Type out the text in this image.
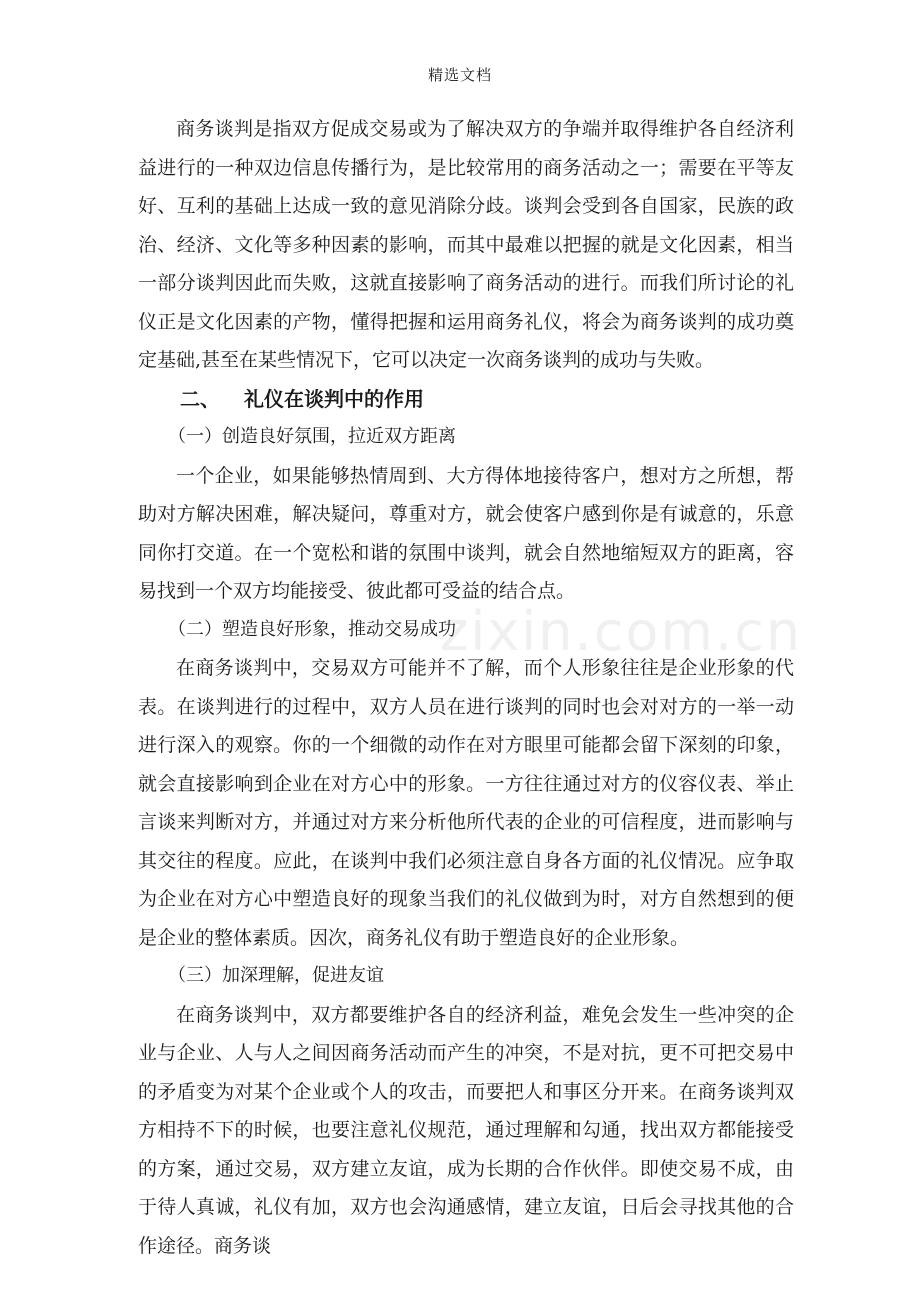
精选文档

商务谈判是指双方促成交易或为了解决双方的争端并取得维护各自经济利益进行的一种双边信息传播行为，是比较常用的商务活动之一；需要在平等友好、互利的基础上达成一致的意见消除分歧。谈判会受到各自国家，民族的政治、经济、文化等多种因素的影响，而其中最难以把握的就是文化因素，相当一部分谈判因此而失败，这就直接影响了商务活动的进行。而我们所讨论的礼仪正是文化因素的产物，懂得把握和运用商务礼仪，将会为商务谈判的成功奠定基础,甚至在某些情况下，它可以决定一次商务谈判的成功与失败。

二、 礼仪在谈判中的作用

（一）创造良好氛围，拉近双方距离

一个企业，如果能够热情周到、大方得体地接待客户，想对方之所想，帮助对方解决困难，解决疑问，尊重对方，就会使客户感到你是有诚意的，乐意同你打交道。在一个宽松和谐的氛围中谈判，就会自然地缩短双方的距离，容易找到一个双方均能接受、彼此都可受益的结合点。

（二）塑造良好形象，推动交易成功

在商务谈判中，交易双方可能并不了解，而个人形象往往是企业形象的代表。在谈判进行的过程中，双方人员在进行谈判的同时也会对对方的一举一动进行深入的观察。你的一个细微的动作在对方眼里可能都会留下深刻的印象，就会直接影响到企业在对方心中的形象。一方往往通过对方的仪容仪表、举止言谈来判断对方，并通过对方来分析他所代表的企业的可信程度，进而影响与其交往的程度。应此，在谈判中我们必须注意自身各方面的礼仪情况。应争取为企业在对方心中塑造良好的现象当我们的礼仪做到为时，对方自然想到的便是企业的整体素质。因次，商务礼仪有助于塑造良好的企业形象。

（三）加深理解，促进友谊

在商务谈判中，双方都要维护各自的经济利益，难免会发生一些冲突的企业与企业、人与人之间因商务活动而产生的冲突，不是对抗，更不可把交易中的矛盾变为对某个企业或个人的攻击，而要把人和事区分开来。在商务谈判双方相持不下的时候，也要注意礼仪规范，通过理解和勾通，找出双方都能接受的方案，通过交易，双方建立友谊，成为长期的合作伙伴。即使交易不成，由于待人真诚，礼仪有加，双方也会沟通感情，建立友谊，日后会寻找其他的合作途径。商务谈

zixin.com.cn
